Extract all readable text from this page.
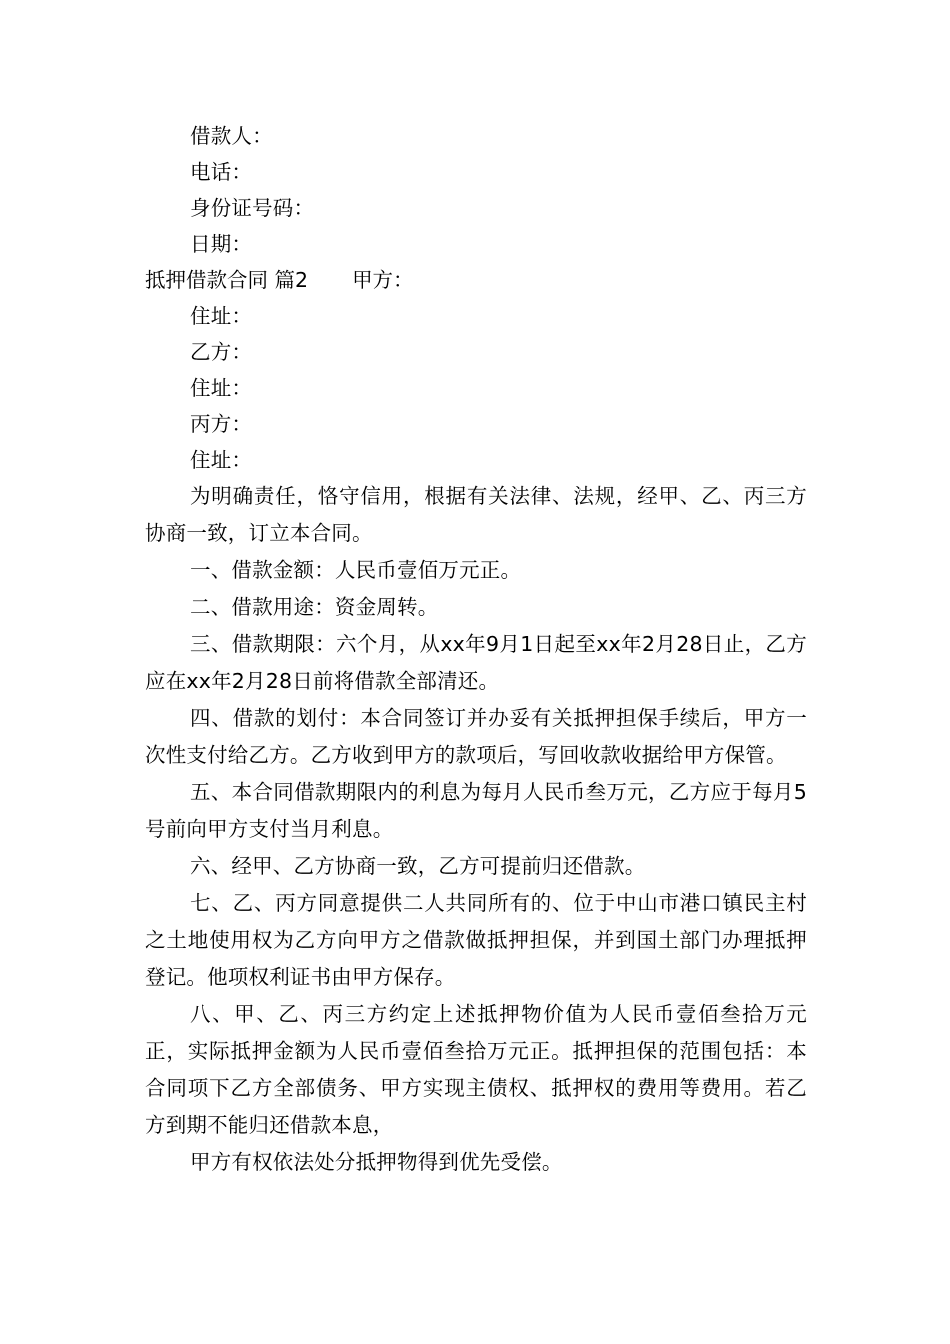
借款人：
电话：
身份证号码：
日期：
抵押借款合同 篇2 甲方：
住址：
乙方：
住址：
丙方：
住址：

为明确责任，恪守信用，根据有关法律、法规，经甲、乙、丙三方协商一致，订立本合同。

一、借款金额：人民币壹佰万元正。

二、借款用途：资金周转。

三、借款期限：六个月，从xx年9月1日起至xx年2月28日止，乙方应在xx年2月28日前将借款全部清还。

四、借款的划付：本合同签订并办妥有关抵押担保手续后，甲方一次性支付给乙方。乙方收到甲方的款项后，写回收款收据给甲方保管。

五、本合同借款期限内的利息为每月人民币叁万元，乙方应于每月5号前向甲方支付当月利息。

六、经甲、乙方协商一致，乙方可提前归还借款。

七、乙、丙方同意提供二人共同所有的、位于中山市港口镇民主村之土地使用权为乙方向甲方之借款做抵押担保，并到国土部门办理抵押登记。他项权利证书由甲方保存。

八、甲、乙、丙三方约定上述抵押物价值为人民币壹佰叁拾万元正，实际抵押金额为人民币壹佰叁拾万元正。抵押担保的范围包括：本合同项下乙方全部债务、甲方实现主债权、抵押权的费用等费用。若乙方到期不能归还借款本息，

甲方有权依法处分抵押物得到优先受偿。
